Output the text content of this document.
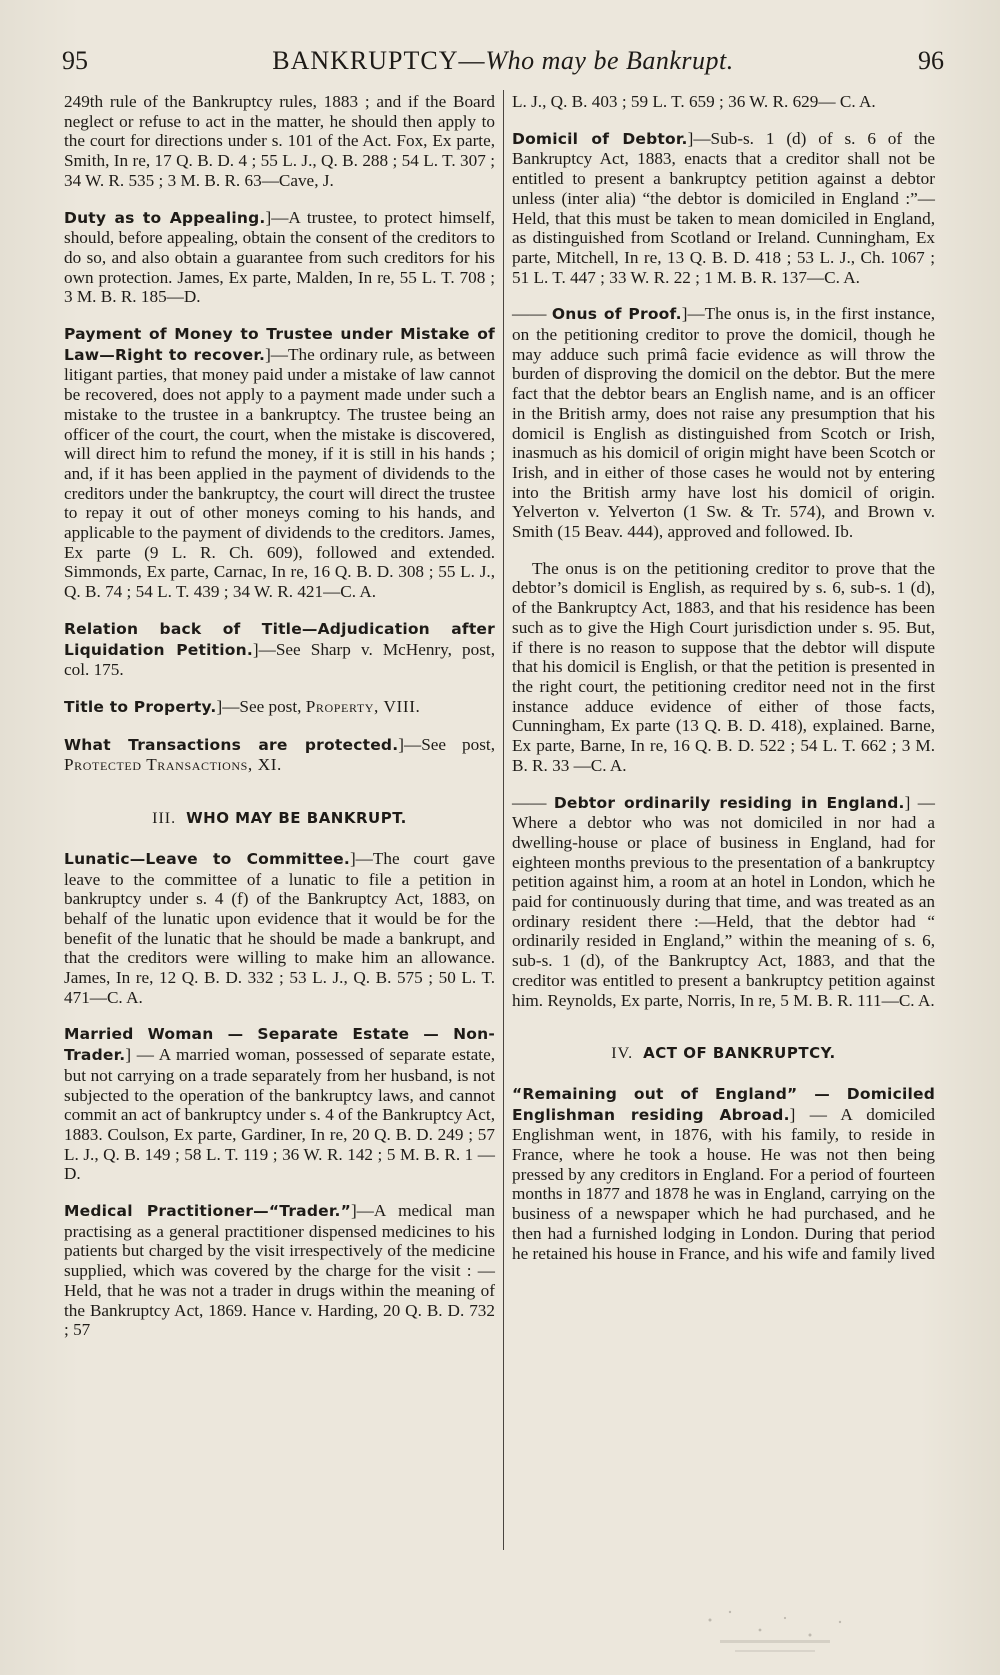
95	BANKRUPTCY—Who may be Bankrupt.	96

249th rule of the Bankruptcy rules, 1883 ; and if the Board neglect or refuse to act in the matter, he should then apply to the court for directions under s. 101 of the Act. Fox, Ex parte, Smith, In re, 17 Q. B. D. 4 ; 55 L. J., Q. B. 288 ; 54 L. T. 307 ; 34 W. R. 535 ; 3 M. B. R. 63—Cave, J.

Duty as to Appealing.]—A trustee, to protect himself, should, before appealing, obtain the consent of the creditors to do so, and also obtain a guarantee from such creditors for his own protection. James, Ex parte, Malden, In re, 55 L. T. 708 ; 3 M. B. R. 185—D.

Payment of Money to Trustee under Mistake of Law—Right to recover.]—The ordinary rule, as between litigant parties, that money paid under a mistake of law cannot be recovered, does not apply to a payment made under such a mistake to the trustee in a bankruptcy. The trustee being an officer of the court, the court, when the mistake is discovered, will direct him to refund the money, if it is still in his hands ; and, if it has been applied in the payment of dividends to the creditors under the bankruptcy, the court will direct the trustee to repay it out of other moneys coming to his hands, and applicable to the payment of dividends to the creditors. James, Ex parte (9 L. R. Ch. 609), followed and extended. Simmonds, Ex parte, Carnac, In re, 16 Q. B. D. 308 ; 55 L. J., Q. B. 74 ; 54 L. T. 439 ; 34 W. R. 421—C. A.

Relation back of Title—Adjudication after Liquidation Petition.]—See Sharp v. McHenry, post, col. 175.

Title to Property.]—See post, Property, VIII.

What Transactions are protected.]—See post, Protected Transactions, XI.

III. WHO MAY BE BANKRUPT.

Lunatic—Leave to Committee.]—The court gave leave to the committee of a lunatic to file a petition in bankruptcy under s. 4 (f) of the Bankruptcy Act, 1883, on behalf of the lunatic upon evidence that it would be for the benefit of the lunatic that he should be made a bankrupt, and that the creditors were willing to make him an allowance. James, In re, 12 Q. B. D. 332 ; 53 L. J., Q. B. 575 ; 50 L. T. 471—C. A.

Married Woman — Separate Estate — Non-Trader.] — A married woman, possessed of separate estate, but not carrying on a trade separately from her husband, is not subjected to the operation of the bankruptcy laws, and cannot commit an act of bankruptcy under s. 4 of the Bankruptcy Act, 1883. Coulson, Ex parte, Gardiner, In re, 20 Q. B. D. 249 ; 57 L. J., Q. B. 149 ; 58 L. T. 119 ; 36 W. R. 142 ; 5 M. B. R. 1 —D.

Medical Practitioner—“Trader.”]—A medical man practising as a general practitioner dispensed medicines to his patients but charged by the visit irrespectively of the medicine supplied, which was covered by the charge for the visit : —Held, that he was not a trader in drugs within the meaning of the Bankruptcy Act, 1869. Hance v. Harding, 20 Q. B. D. 732 ; 57

L. J., Q. B. 403 ; 59 L. T. 659 ; 36 W. R. 629— C. A.

Domicil of Debtor.]—Sub-s. 1 (d) of s. 6 of the Bankruptcy Act, 1883, enacts that a creditor shall not be entitled to present a bankruptcy petition against a debtor unless (inter alia) “the debtor is domiciled in England :”—Held, that this must be taken to mean domiciled in England, as distinguished from Scotland or Ireland. Cunningham, Ex parte, Mitchell, In re, 13 Q. B. D. 418 ; 53 L. J., Ch. 1067 ; 51 L. T. 447 ; 33 W. R. 22 ; 1 M. B. R. 137—C. A.

—— Onus of Proof.]—The onus is, in the first instance, on the petitioning creditor to prove the domicil, though he may adduce such primâ facie evidence as will throw the burden of disproving the domicil on the debtor. But the mere fact that the debtor bears an English name, and is an officer in the British army, does not raise any presumption that his domicil is English as distinguished from Scotch or Irish, inasmuch as his domicil of origin might have been Scotch or Irish, and in either of those cases he would not by entering into the British army have lost his domicil of origin. Yelverton v. Yelverton (1 Sw. & Tr. 574), and Brown v. Smith (15 Beav. 444), approved and followed. Ib.

The onus is on the petitioning creditor to prove that the debtor’s domicil is English, as required by s. 6, sub-s. 1 (d), of the Bankruptcy Act, 1883, and that his residence has been such as to give the High Court jurisdiction under s. 95. But, if there is no reason to suppose that the debtor will dispute that his domicil is English, or that the petition is presented in the right court, the petitioning creditor need not in the first instance adduce evidence of either of those facts, Cunningham, Ex parte (13 Q. B. D. 418), explained. Barne, Ex parte, Barne, In re, 16 Q. B. D. 522 ; 54 L. T. 662 ; 3 M. B. R. 33 —C. A.

—— Debtor ordinarily residing in England.] —Where a debtor who was not domiciled in nor had a dwelling-house or place of business in England, had for eighteen months previous to the presentation of a bankruptcy petition against him, a room at an hotel in London, which he paid for continuously during that time, and was treated as an ordinary resident there :—Held, that the debtor had “ ordinarily resided in England,” within the meaning of s. 6, sub-s. 1 (d), of the Bankruptcy Act, 1883, and that the creditor was entitled to present a bankruptcy petition against him. Reynolds, Ex parte, Norris, In re, 5 M. B. R. 111—C. A.

IV. ACT OF BANKRUPTCY.

“Remaining out of England” — Domiciled Englishman residing Abroad.] — A domiciled Englishman went, in 1876, with his family, to reside in France, where he took a house. He was not then being pressed by any creditors in England. For a period of fourteen months in 1877 and 1878 he was in England, carrying on the business of a newspaper which he had purchased, and he then had a furnished lodging in London. During that period he retained his house in France, and his wife and family lived
